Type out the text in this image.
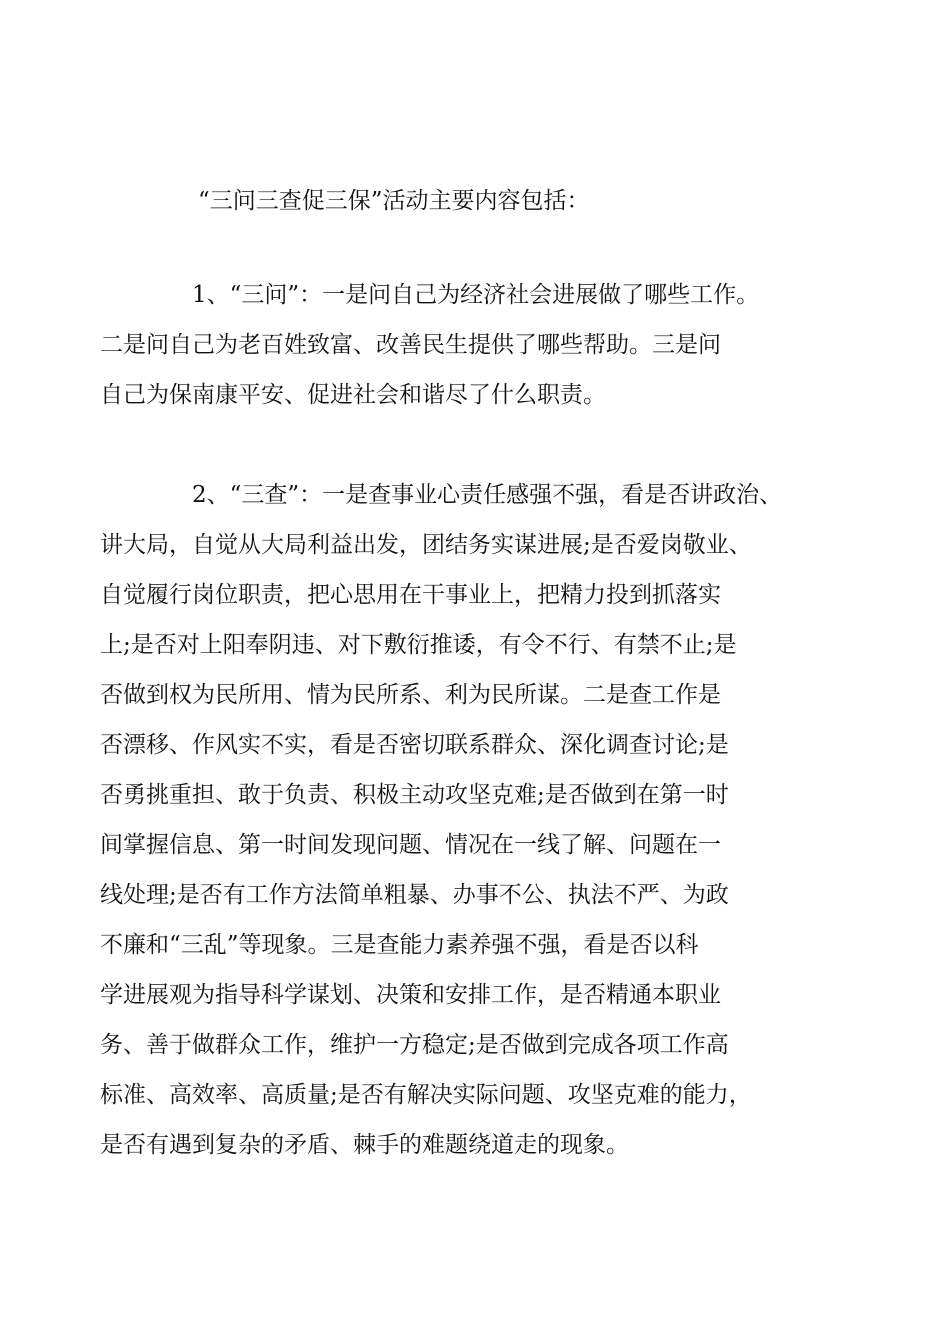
“三问三查促三保”活动主要内容包括：

1、“三问”：一是问自己为经济社会进展做了哪些工作。
二是问自己为老百姓致富、改善民生提供了哪些帮助。三是问
自己为保南康平安、促进社会和谐尽了什么职责。

2、“三查”：一是查事业心责任感强不强，看是否讲政治、
讲大局，自觉从大局利益出发，团结务实谋进展;是否爱岗敬业、
自觉履行岗位职责，把心思用在干事业上，把精力投到抓落实
上;是否对上阳奉阴违、对下敷衍推诿，有令不行、有禁不止;是
否做到权为民所用、情为民所系、利为民所谋。二是查工作是
否漂移、作风实不实，看是否密切联系群众、深化调查讨论;是
否勇挑重担、敢于负责、积极主动攻坚克难;是否做到在第一时
间掌握信息、第一时间发现问题、情况在一线了解、问题在一
线处理;是否有工作方法简单粗暴、办事不公、执法不严、为政
不廉和“三乱”等现象。三是查能力素养强不强，看是否以科
学进展观为指导科学谋划、决策和安排工作，是否精通本职业
务、善于做群众工作，维护一方稳定;是否做到完成各项工作高
标准、高效率、高质量;是否有解决实际问题、攻坚克难的能力，
是否有遇到复杂的矛盾、棘手的难题绕道走的现象。
